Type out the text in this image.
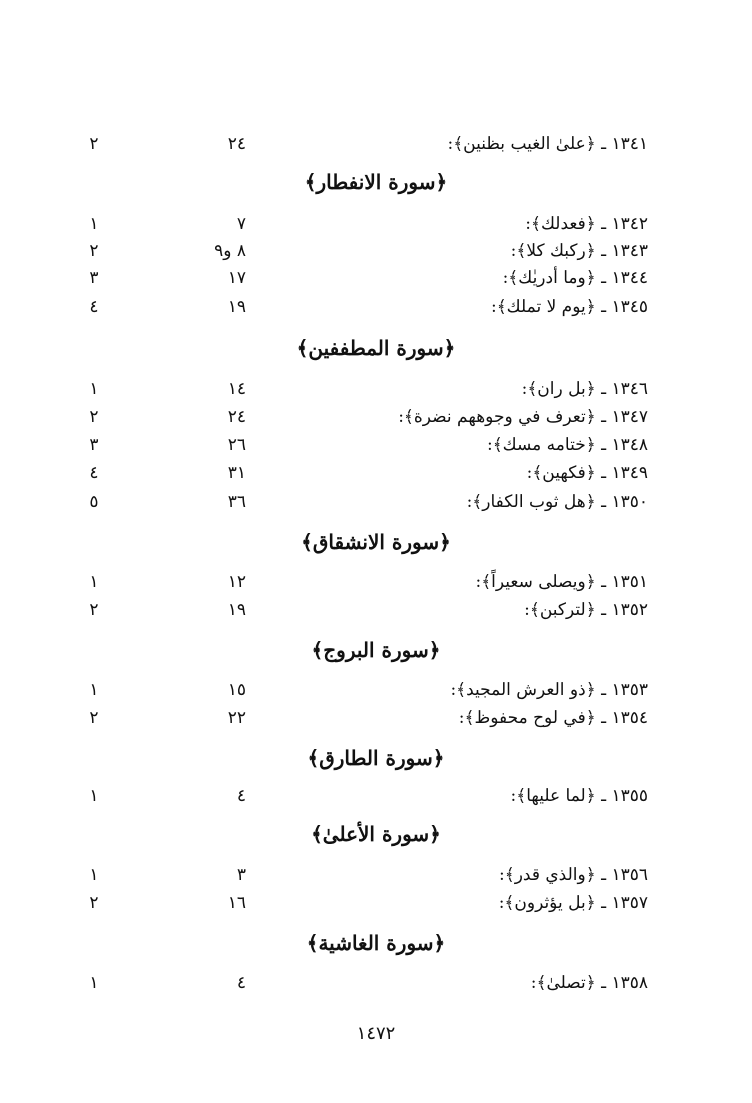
١٣٤١ ـ ﴿علىٰ الغيب بظنين﴾:
٢٤
٢
﴿سورة الانفطار﴾
١٣٤٢ ـ ﴿فعدلك﴾:
٧
١
١٣٤٣ ـ ﴿ركبك كلا﴾:
٨ و٩
٢
١٣٤٤ ـ ﴿وما أدريٰك﴾:
١٧
٣
١٣٤٥ ـ ﴿يوم لا تملك﴾:
١٩
٤
﴿سورة المطففين﴾
١٣٤٦ ـ ﴿بل ران﴾:
١٤
١
١٣٤٧ ـ ﴿تعرف في وجوههم نضرة﴾:
٢٤
٢
١٣٤٨ ـ ﴿ختامه مسك﴾:
٢٦
٣
١٣٤٩ ـ ﴿فكهين﴾:
٣١
٤
١٣٥٠ ـ ﴿هل ثوب الكفار﴾:
٣٦
٥
﴿سورة الانشقاق﴾
١٣٥١ ـ ﴿ويصلى سعيراً﴾:
١٢
١
١٣٥٢ ـ ﴿لتركبن﴾:
١٩
٢
﴿سورة البروج﴾
١٣٥٣ ـ ﴿ذو العرش المجيد﴾:
١٥
١
١٣٥٤ ـ ﴿في لوح محفوظ﴾:
٢٢
٢
﴿سورة الطارق﴾
١٣٥٥ ـ ﴿لما عليها﴾:
٤
١
﴿سورة الأعلىٰ﴾
١٣٥٦ ـ ﴿والذي قدر﴾:
٣
١
١٣٥٧ ـ ﴿بل يؤثرون﴾:
١٦
٢
﴿سورة الغاشية﴾
١٣٥٨ ـ ﴿تصلىٰ﴾:
٤
١
١٤٧٢
